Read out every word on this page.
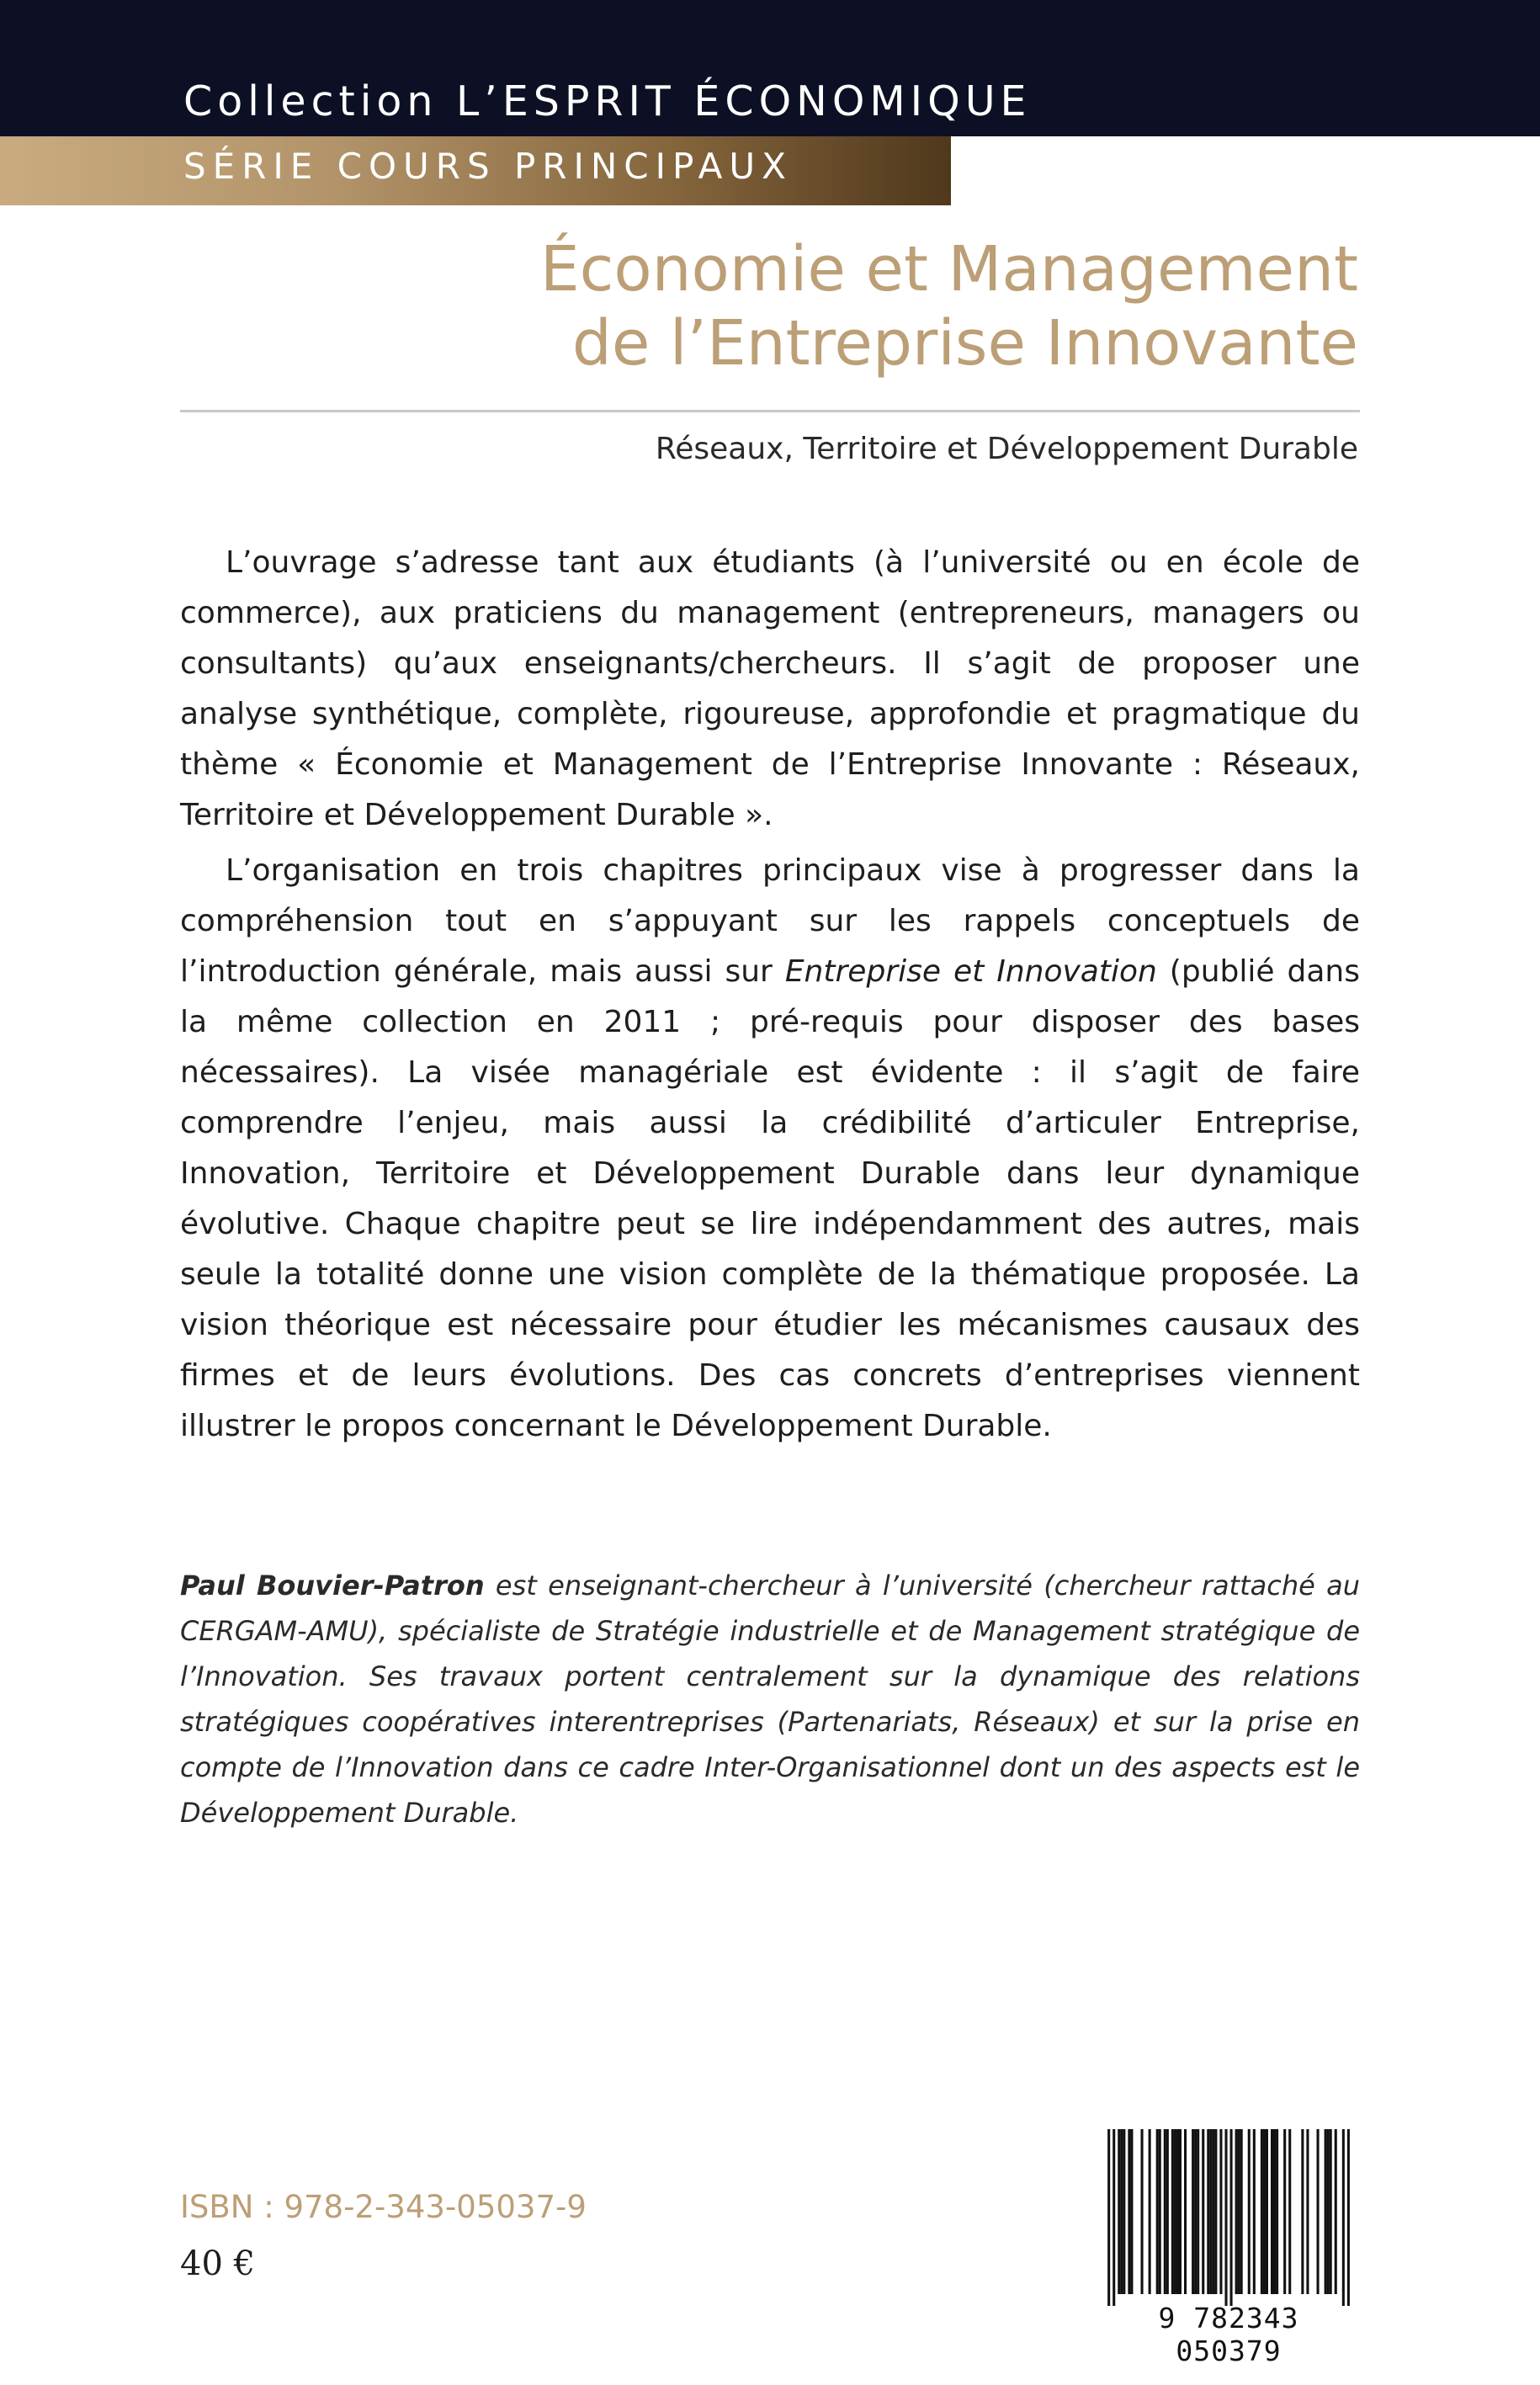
Collection L’ESPRIT ÉCONOMIQUE
SÉRIE COURS PRINCIPAUX
Économie et Management
de l’Entreprise Innovante
Réseaux, Territoire et Développement Durable

L’ouvrage s’adresse tant aux étudiants (à l’université ou en école de commerce), aux praticiens du management (entrepreneurs, managers ou consultants) qu’aux enseignants/chercheurs. Il s’agit de proposer une analyse synthétique, complète, rigoureuse, approfondie et pragmatique du thème « Économie et Management de l’Entreprise Innovante : Réseaux, Territoire et Développement Durable ».

L’organisation en trois chapitres principaux vise à progresser dans la compréhension tout en s’appuyant sur les rappels conceptuels de l’introduction générale, mais aussi sur Entreprise et Innovation (publié dans la même collection en 2011 ; pré-requis pour disposer des bases nécessaires). La visée managériale est évidente : il s’agit de faire comprendre l’enjeu, mais aussi la crédibilité d’articuler Entreprise, Innovation, Territoire et Développement Durable dans leur dynamique évolutive. Chaque chapitre peut se lire indépendamment des autres, mais seule la totalité donne une vision complète de la thématique proposée. La vision théorique est nécessaire pour étudier les mécanismes causaux des firmes et de leurs évolutions. Des cas concrets d’entreprises viennent illustrer le propos concernant le Développement Durable.

Paul Bouvier-Patron est enseignant-chercheur à l’université (chercheur rattaché au CERGAM-AMU), spécialiste de Stratégie industrielle et de Management stratégique de l’Innovation. Ses travaux portent centralement sur la dynamique des relations stratégiques coopératives interentreprises (Partenariats, Réseaux) et sur la prise en compte de l’Innovation dans ce cadre Inter-Organisationnel dont un des aspects est le Développement Durable.
ISBN : 978-2-343-05037-9
40 €
9 782343 050379
